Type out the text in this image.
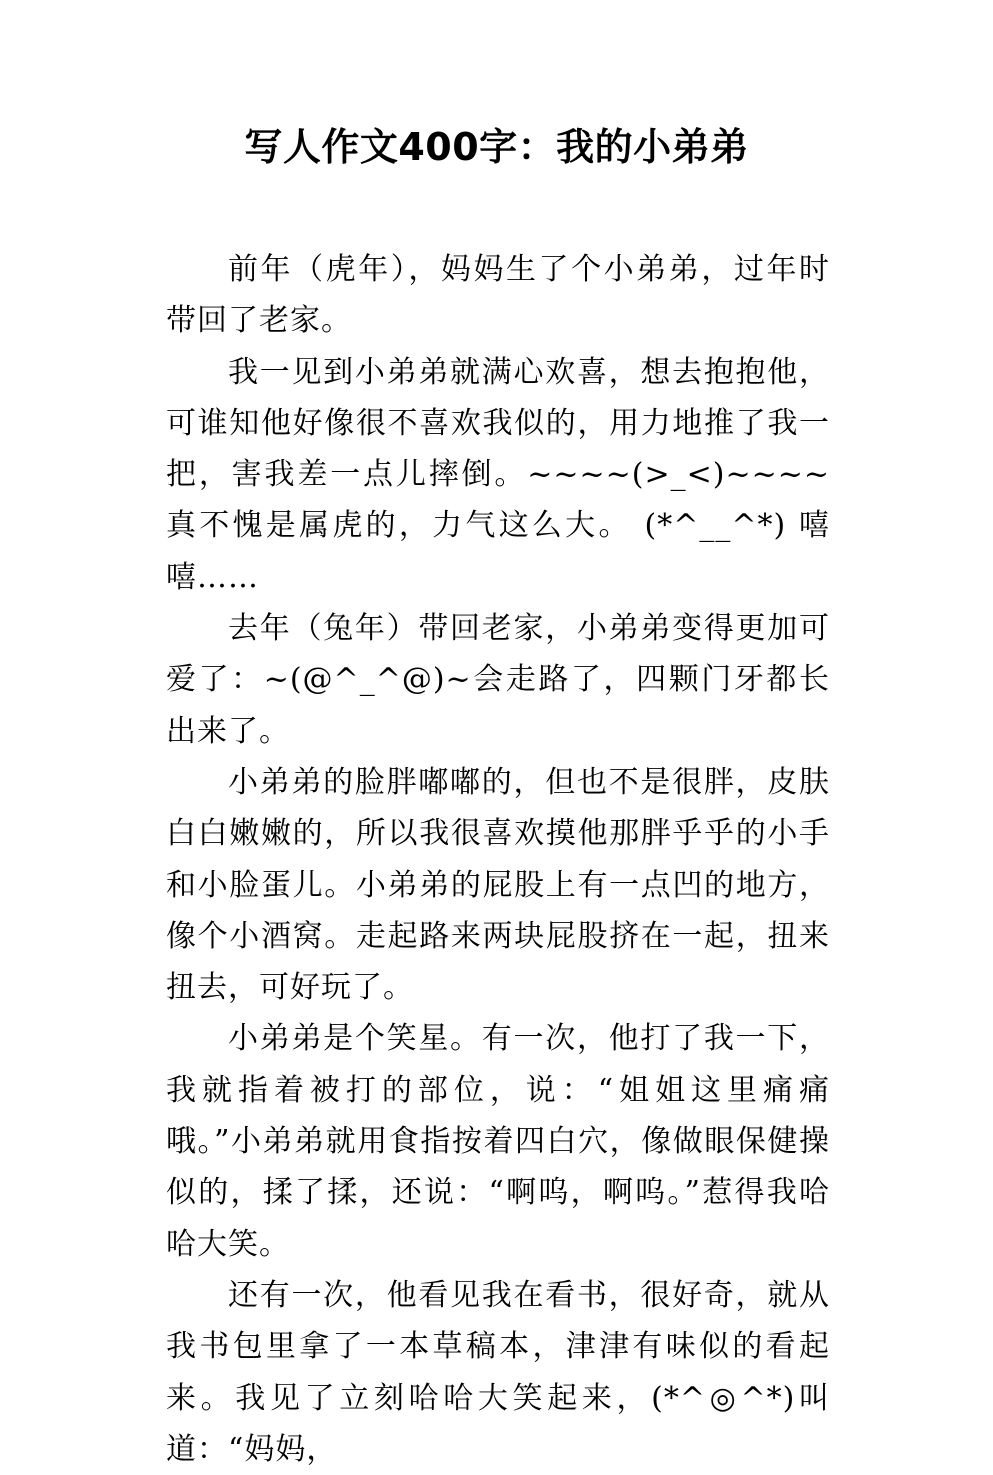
写人作文400字：我的小弟弟

前年（虎年），妈妈生了个小弟弟，过年时带回了老家。

我一见到小弟弟就满心欢喜，想去抱抱他，可谁知他好像很不喜欢我似的，用力地推了我一把，害我差一点儿摔倒。~~~~(>_<)~~~~真不愧是属虎的，力气这么大。 (*^__^*) 嘻嘻……

去年（兔年）带回老家，小弟弟变得更加可爱了：~(@^_^@)~会走路了，四颗门牙都长出来了。

小弟弟的脸胖嘟嘟的，但也不是很胖，皮肤白白嫩嫩的，所以我很喜欢摸他那胖乎乎的小手和小脸蛋儿。小弟弟的屁股上有一点凹的地方，像个小酒窝。走起路来两块屁股挤在一起，扭来扭去，可好玩了。

小弟弟是个笑星。有一次，他打了我一下，我就指着被打的部位，说：“姐姐这里痛痛哦。”小弟弟就用食指按着四白穴，像做眼保健操似的，揉了揉，还说：“啊呜，啊呜。”惹得我哈哈大笑。

还有一次，他看见我在看书，很好奇，就从我书包里拿了一本草稿本，津津有味似的看起来。我见了立刻哈哈大笑起来，(*^◎^*)叫道：“妈妈，
